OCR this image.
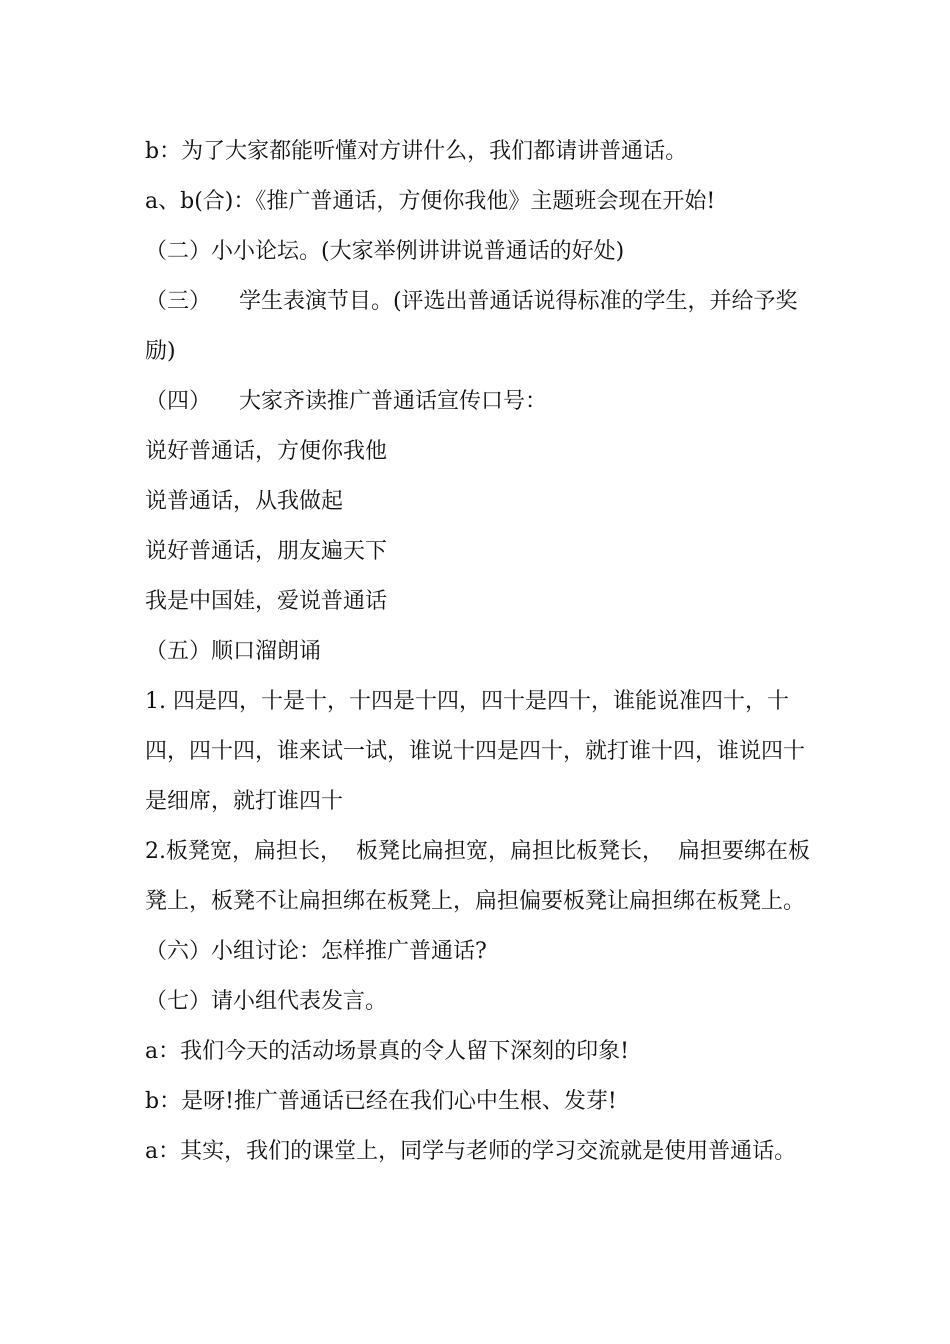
b：为了大家都能听懂对方讲什么，我们都请讲普通话。

a、b(合)：《推广普通话，方便你我他》主题班会现在开始!

（二）小小论坛。(大家举例讲讲说普通话的好处)

（三）    学生表演节目。(评选出普通话说得标准的学生，并给予奖励)

（四）    大家齐读推广普通话宣传口号：

说好普通话，方便你我他

说普通话，从我做起

说好普通话，朋友遍天下

我是中国娃，爱说普通话

（五）顺口溜朗诵

1. 四是四，十是十，十四是十四，四十是四十，谁能说准四十，十四，四十四，谁来试一试，谁说十四是四十，就打谁十四，谁说四十是细席，就打谁四十

2.板凳宽，扁担长，  板凳比扁担宽，扁担比板凳长，  扁担要绑在板凳上，板凳不让扁担绑在板凳上，扁担偏要板凳让扁担绑在板凳上。

（六）小组讨论：怎样推广普通话?

（七）请小组代表发言。

a：我们今天的活动场景真的令人留下深刻的印象!

b：是呀!推广普通话已经在我们心中生根、发芽!

a：其实，我们的课堂上，同学与老师的学习交流就是使用普通话。
